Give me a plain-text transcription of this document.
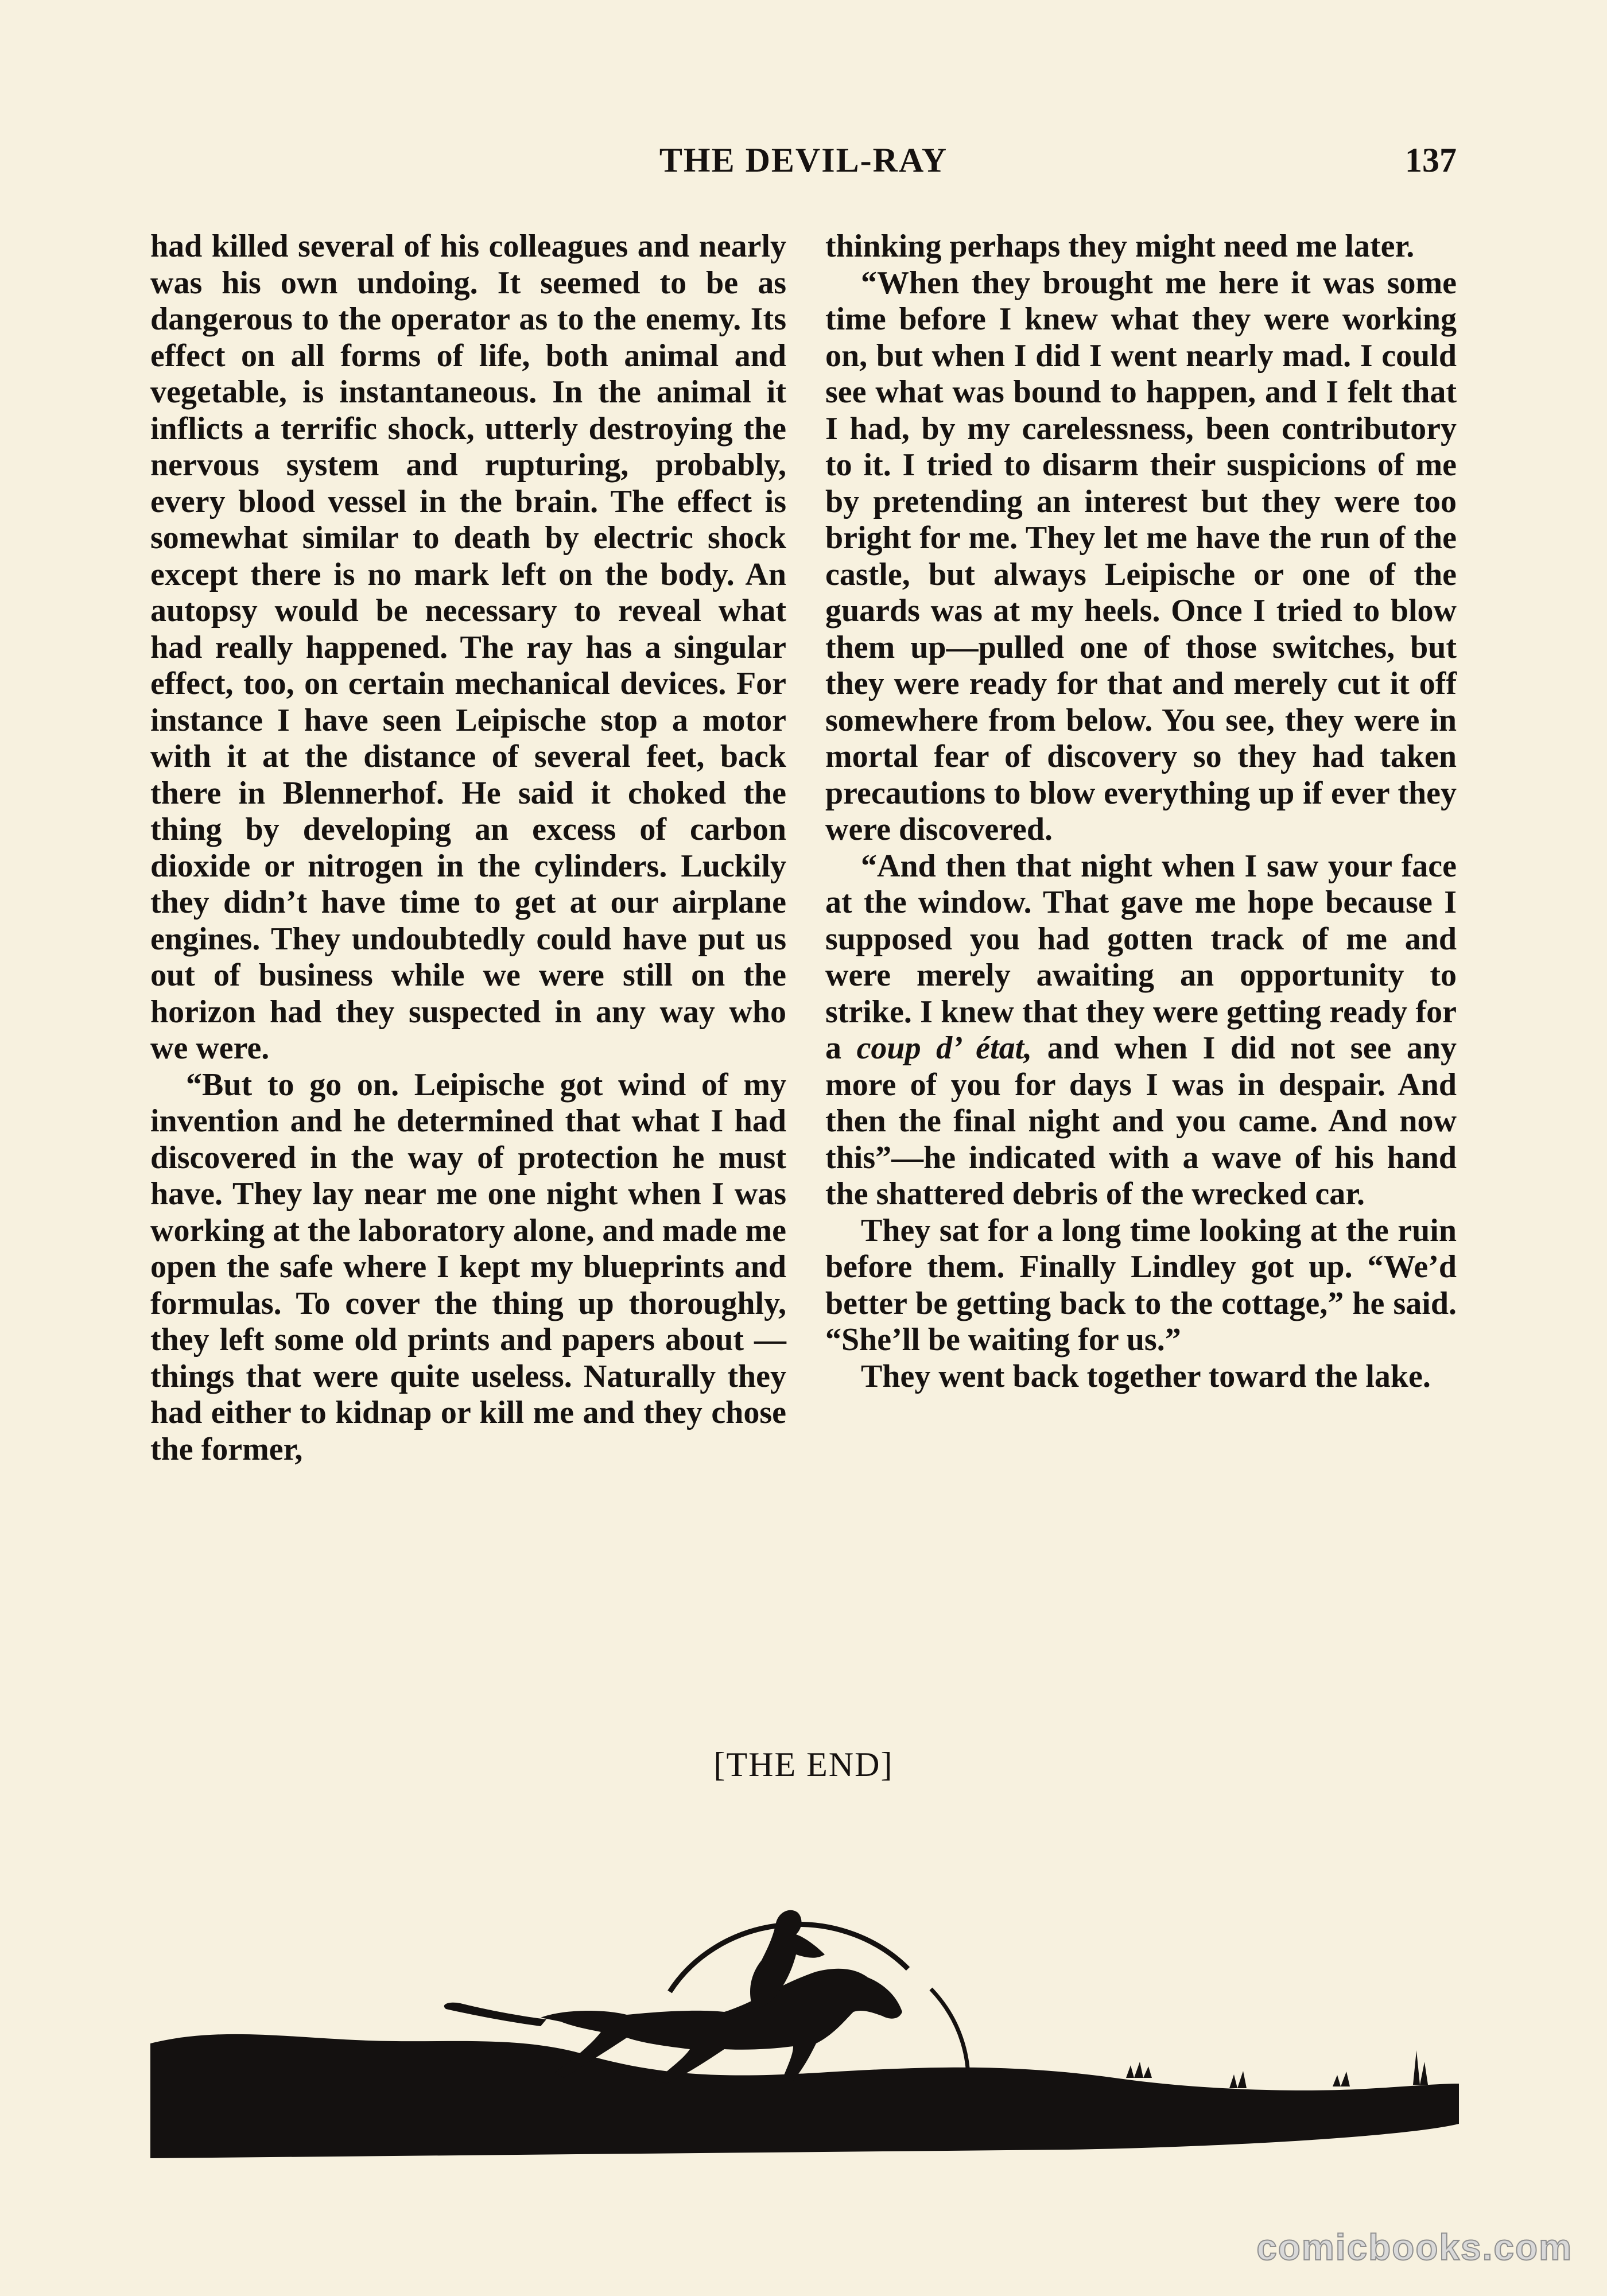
THE DEVIL-RAY	137

had killed several of his colleagues and nearly was his own undoing. It seemed to be as dangerous to the operator as to the enemy. Its effect on all forms of life, both animal and vegetable, is instantaneous. In the animal it inflicts a terrific shock, utterly destroying the nervous system and rupturing, probably, every blood vessel in the brain. The effect is somewhat similar to death by electric shock except there is no mark left on the body. An autopsy would be necessary to reveal what had really happened. The ray has a singular effect, too, on certain mechanical devices. For instance I have seen Leipische stop a motor with it at the distance of several feet, back there in Blennerhof. He said it choked the thing by developing an excess of carbon dioxide or nitrogen in the cylinders. Luckily they didn’t have time to get at our airplane engines. They undoubtedly could have put us out of business while we were still on the horizon had they suspected in any way who we were.

“But to go on. Leipische got wind of my invention and he determined that what I had discovered in the way of protection he must have. They lay near me one night when I was working at the laboratory alone, and made me open the safe where I kept my blueprints and formulas. To cover the thing up thoroughly, they left some old prints and papers about —things that were quite useless. Naturally they had either to kidnap or kill me and they chose the former,

thinking perhaps they might need me later.

“When they brought me here it was some time before I knew what they were working on, but when I did I went nearly mad. I could see what was bound to happen, and I felt that I had, by my carelessness, been contributory to it. I tried to disarm their suspicions of me by pretending an interest but they were too bright for me. They let me have the run of the castle, but always Leipische or one of the guards was at my heels. Once I tried to blow them up—pulled one of those switches, but they were ready for that and merely cut it off somewhere from below. You see, they were in mortal fear of discovery so they had taken precautions to blow everything up if ever they were discovered.

“And then that night when I saw your face at the window. That gave me hope because I supposed you had gotten track of me and were merely awaiting an opportunity to strike. I knew that they were getting ready for a coup d’ état, and when I did not see any more of you for days I was in despair. And then the final night and you came. And now this”—he indicated with a wave of his hand the shattered debris of the wrecked car.

They sat for a long time looking at the ruin before them. Finally Lindley got up. “We’d better be getting back to the cottage,” he said. “She’ll be waiting for us.”

They went back together toward the lake.

[THE END]
comicbooks.com
